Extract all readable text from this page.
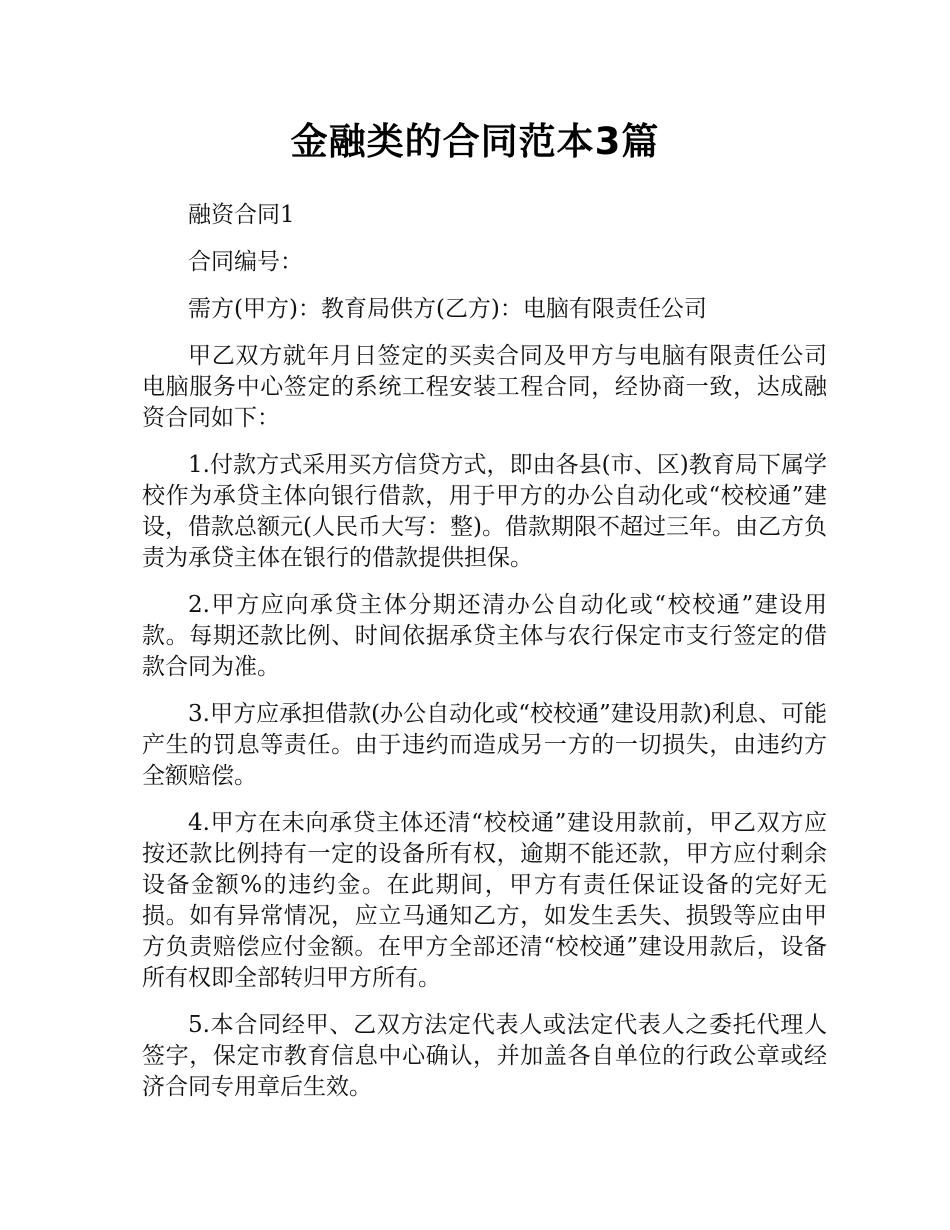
金融类的合同范本3篇

融资合同1

合同编号：

需方(甲方)：教育局供方(乙方)：电脑有限责任公司

甲乙双方就年月日签定的买卖合同及甲方与电脑有限责任公司电脑服务中心签定的系统工程安装工程合同，经协商一致，达成融资合同如下：

1.付款方式采用买方信贷方式，即由各县(市、区)教育局下属学校作为承贷主体向银行借款，用于甲方的办公自动化或“校校通”建设，借款总额元(人民币大写：整)。借款期限不超过三年。由乙方负责为承贷主体在银行的借款提供担保。

2.甲方应向承贷主体分期还清办公自动化或“校校通”建设用款。每期还款比例、时间依据承贷主体与农行保定市支行签定的借款合同为准。

3.甲方应承担借款(办公自动化或“校校通”建设用款)利息、可能产生的罚息等责任。由于违约而造成另一方的一切损失，由违约方全额赔偿。

4.甲方在未向承贷主体还清“校校通”建设用款前，甲乙双方应按还款比例持有一定的设备所有权，逾期不能还款，甲方应付剩余设备金额%的违约金。在此期间，甲方有责任保证设备的完好无损。如有异常情况，应立马通知乙方，如发生丢失、损毁等应由甲方负责赔偿应付金额。在甲方全部还清“校校通”建设用款后，设备所有权即全部转归甲方所有。

5.本合同经甲、乙双方法定代表人或法定代表人之委托代理人签字，保定市教育信息中心确认，并加盖各自单位的行政公章或经济合同专用章后生效。
